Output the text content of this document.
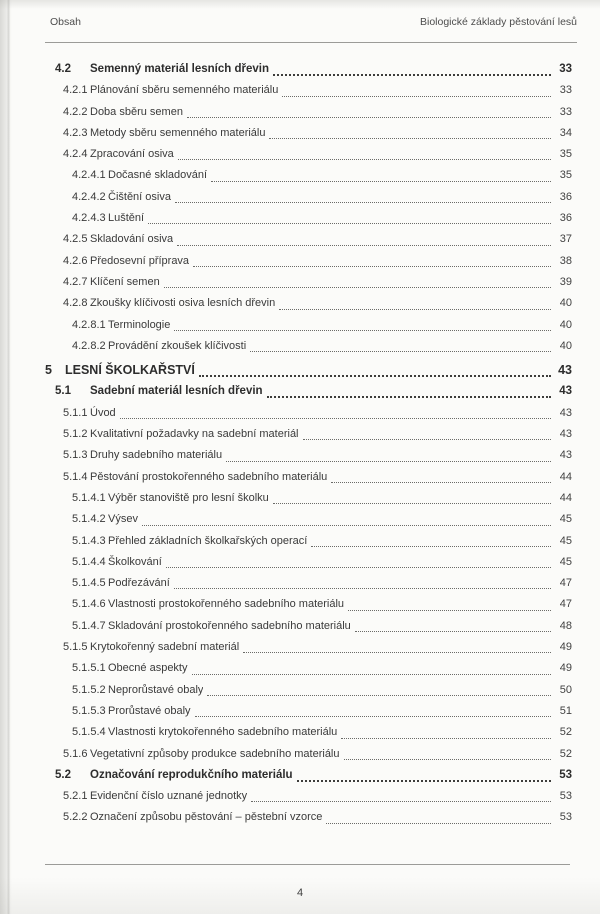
Obsah	Biologické základy pěstování lesů
4.2	Semenný materiál lesních dřevin	33
4.2.1 Plánování sběru semenného materiálu	33
4.2.2 Doba sběru semen	33
4.2.3 Metody sběru semenného materiálu	34
4.2.4 Zpracování osiva	35
4.2.4.1 Dočasné skladování	35
4.2.4.2 Čištění osiva	36
4.2.4.3 Luštění	36
4.2.5 Skladování osiva	37
4.2.6 Předosevní příprava	38
4.2.7 Klíčení semen	39
4.2.8 Zkoušky klíčivosti osiva lesních dřevin	40
4.2.8.1 Terminologie	40
4.2.8.2 Provádění zkoušek klíčivosti	40
5	LESNÍ ŠKOLKAŘSTVÍ	43
5.1	Sadební materiál lesních dřevin	43
5.1.1 Úvod	43
5.1.2 Kvalitativní požadavky na sadební materiál	43
5.1.3 Druhy sadebního materiálu	43
5.1.4 Pěstování prostokořenného sadebního materiálu	44
5.1.4.1 Výběr stanoviště pro lesní školku	44
5.1.4.2 Výsev	45
5.1.4.3 Přehled základních školkařských operací	45
5.1.4.4 Školkování	45
5.1.4.5 Podřezávání	47
5.1.4.6 Vlastnosti prostokořenného sadebního materiálu	47
5.1.4.7 Skladování prostokořenného sadebního materiálu	48
5.1.5 Krytokořenný sadební materiál	49
5.1.5.1 Obecné aspekty	49
5.1.5.2 Neprorůstavé obaly	50
5.1.5.3 Prorůstavé obaly	51
5.1.5.4 Vlastnosti krytokořenného sadebního materiálu	52
5.1.6 Vegetativní způsoby produkce sadebního materiálu	52
5.2	Označování reprodukčního materiálu	53
5.2.1 Evidenční číslo uznané jednotky	53
5.2.2 Označení způsobu pěstování – pěstební vzorce	53
4
